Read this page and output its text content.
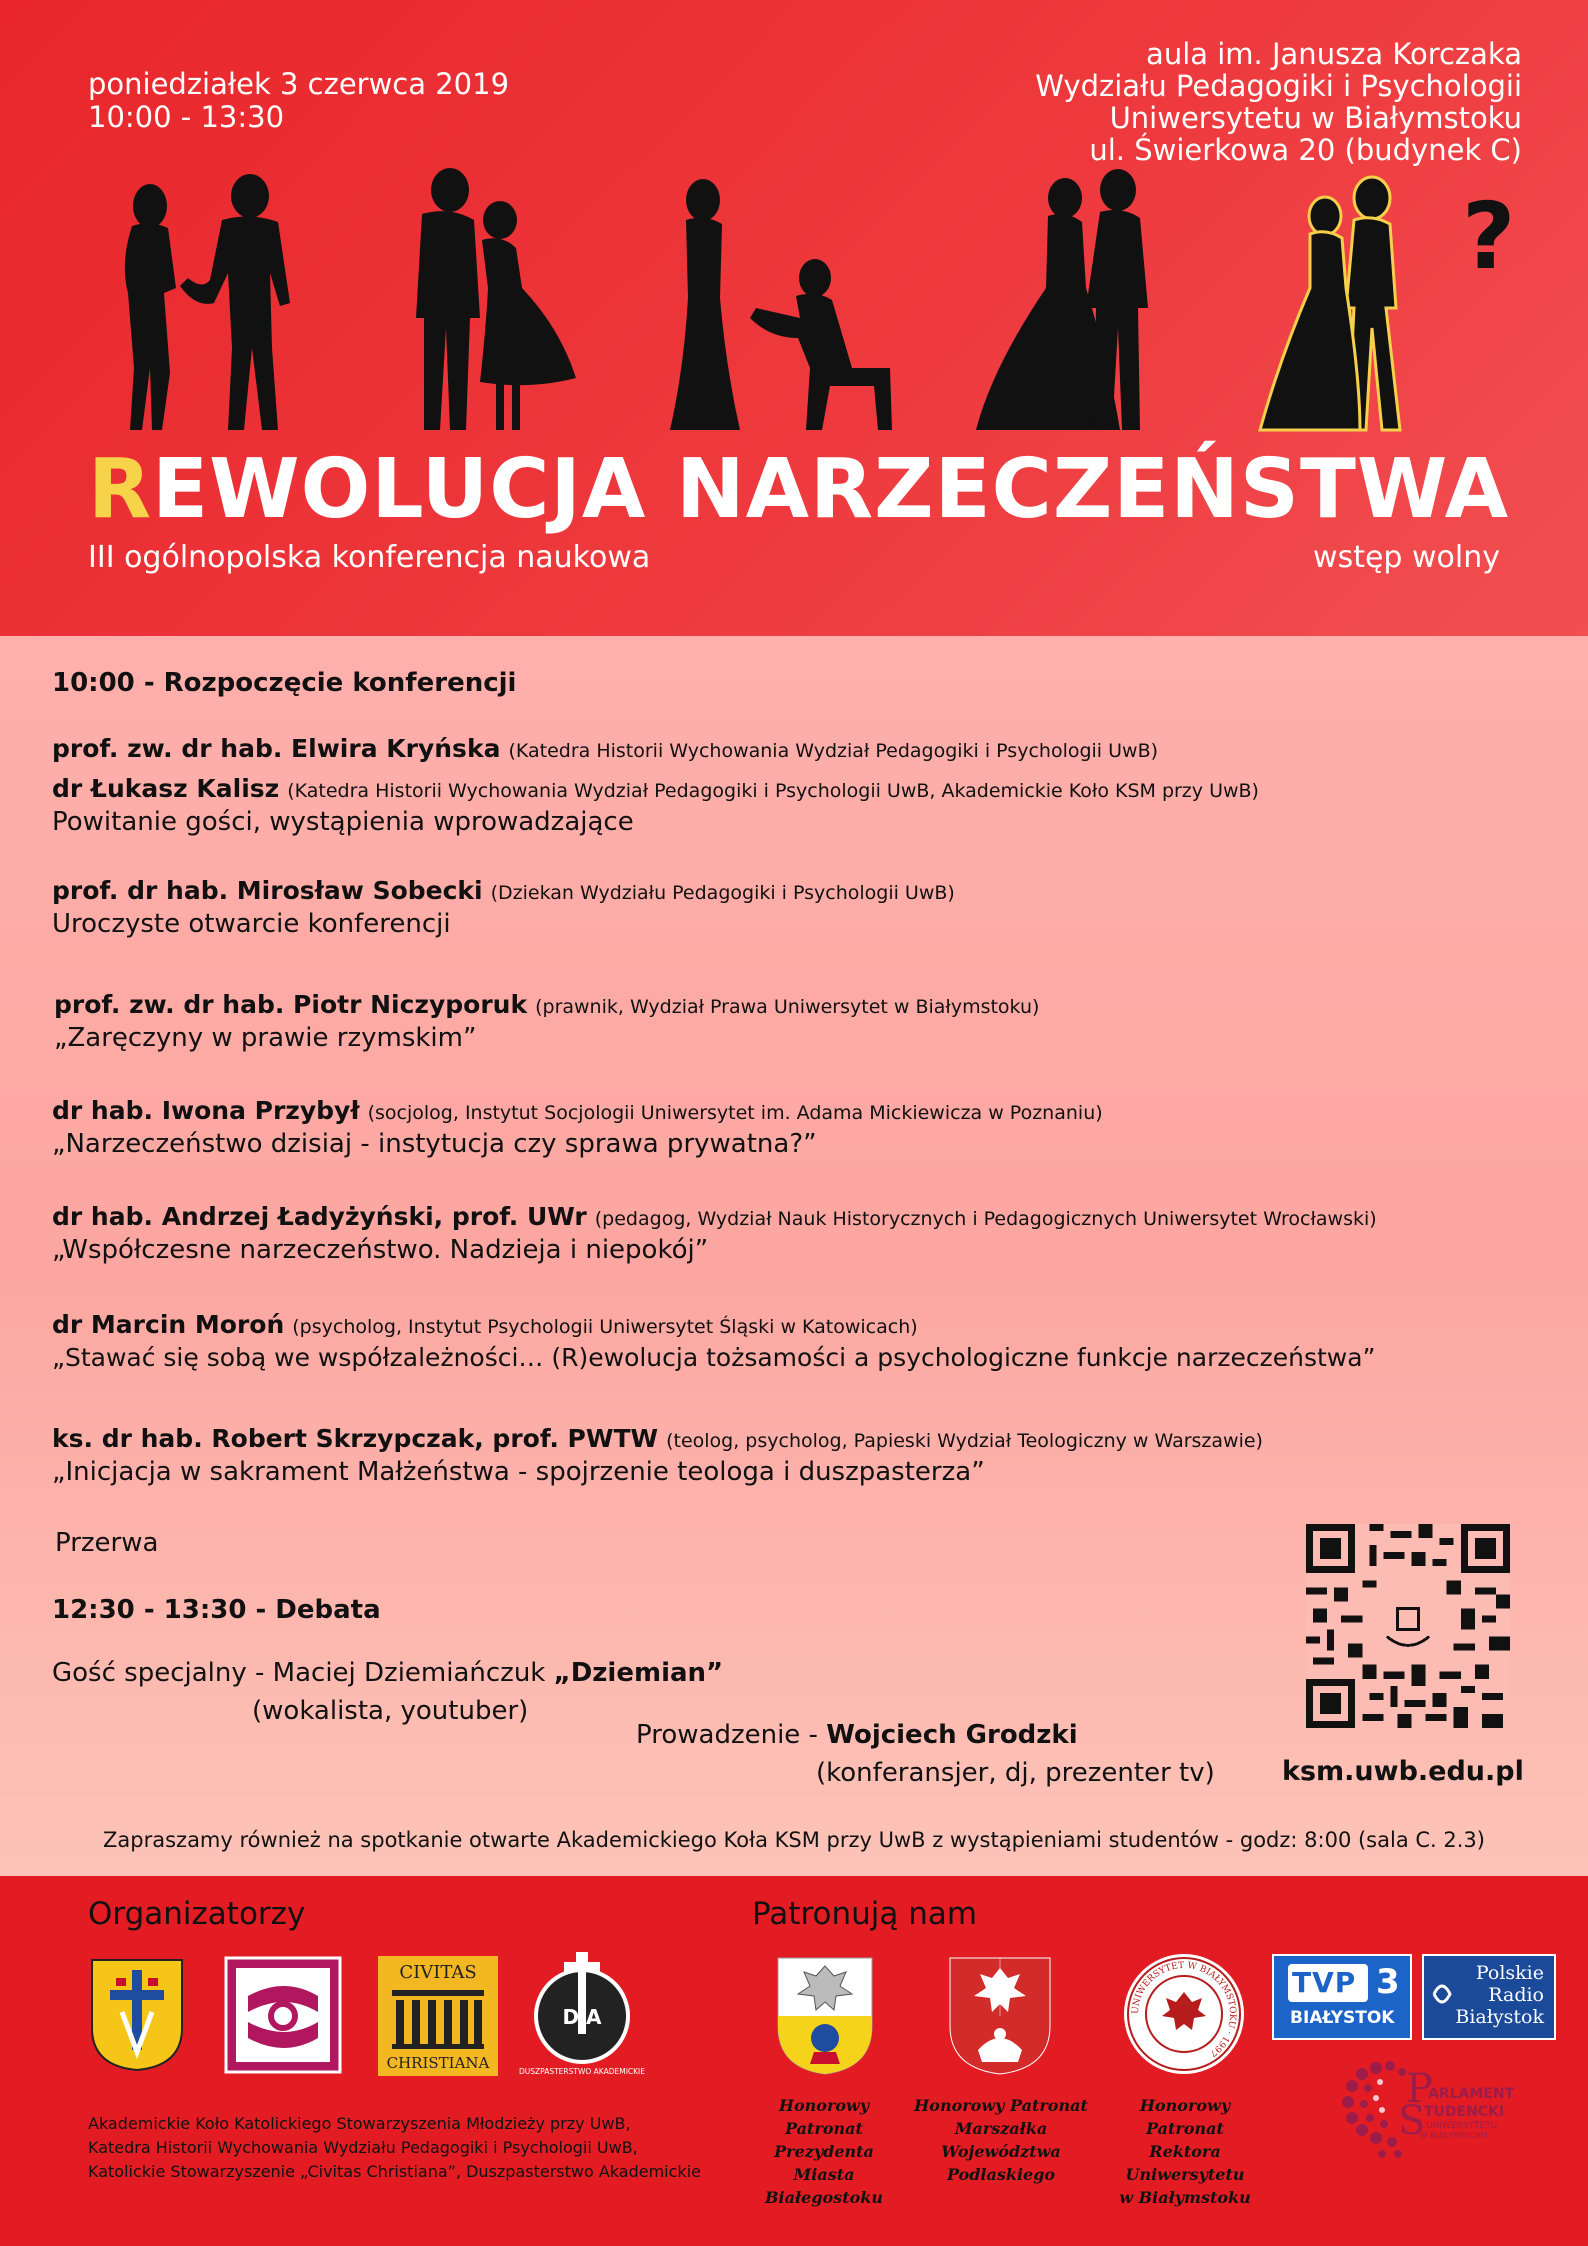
poniedziałek 3 czerwca 2019
10:00 - 13:30
aula im. Janusza Korczaka
Wydziału Pedagogiki i Psychologii
Uniwersytetu w Białymstoku
ul. Świerkowa 20 (budynek C)
?
REWOLUCJA NARZECZEŃSTWA
III ogólnopolska konferencja naukowa	wstęp wolny
10:00 - Rozpoczęcie konferencji
prof. zw. dr hab. Elwira Kryńska (Katedra Historii Wychowania Wydział Pedagogiki i Psychologii UwB)
dr Łukasz Kalisz (Katedra Historii Wychowania Wydział Pedagogiki i Psychologii UwB, Akademickie Koło KSM przy UwB)
Powitanie gości, wystąpienia wprowadzające
prof. dr hab. Mirosław Sobecki (Dziekan Wydziału Pedagogiki i Psychologii UwB)
Uroczyste otwarcie konferencji
prof. zw. dr hab. Piotr Niczyporuk (prawnik, Wydział Prawa Uniwersytet w Białymstoku)
„Zaręczyny w prawie rzymskim”
dr hab. Iwona Przybył (socjolog, Instytut Socjologii Uniwersytet im. Adama Mickiewicza w Poznaniu)
„Narzeczeństwo dzisiaj - instytucja czy sprawa prywatna?”
dr hab. Andrzej Ładyżyński, prof. UWr (pedagog, Wydział Nauk Historycznych i Pedagogicznych Uniwersytet Wrocławski)
„Współczesne narzeczeństwo. Nadzieja i niepokój”
dr Marcin Moroń (psycholog, Instytut Psychologii Uniwersytet Śląski w Katowicach)
„Stawać się sobą we współzależności… (R)ewolucja tożsamości a psychologiczne funkcje narzeczeństwa”
ks. dr hab. Robert Skrzypczak, prof. PWTW (teolog, psycholog, Papieski Wydział Teologiczny w Warszawie)
„Inicjacja w sakrament Małżeństwa - spojrzenie teologa i duszpasterza”
Przerwa
12:30 - 13:30 - Debata
Gość specjalny - Maciej Dziemiańczuk „Dziemian”
(wokalista, youtuber)
Prowadzenie - Wojciech Grodzki
(konferansjer, dj, prezenter tv) ksm.uwb.edu.pl
Zapraszamy również na spotkanie otwarte Akademickiego Koła KSM przy UwB z wystąpieniami studentów - godz: 8:00 (sala C. 2.3)
Organizatorzy	Patronują nam
CIVITAS
CHRISTIANA
D A
DUSZPASTERSTWO AKADEMICKIE
Akademickie Koło Katolickiego Stowarzyszenia Młodzieży przy UwB,
Katedra Historii Wychowania Wydziału Pedagogiki i Psychologii UwB,
Katolickie Stowarzyszenie „Civitas Christiana”, Duszpasterstwo Akademickie
UNIWERSYTET W BIAŁYMSTOKU · 1997
Honorowy Patronat
Prezydenta Miasta
Białegostoku
Honorowy Patronat
Marszałka Województwa
Podlaskiego
Honorowy Patronat
Rektora Uniwersytetu
w Białymstoku
TVP 3
BIAŁYSTOK
Polskie
Radio
Białystok
P
ARLAMENT
S
TUDENCKI
UNIWERSYTETU
W BIAŁYMSTOKU
